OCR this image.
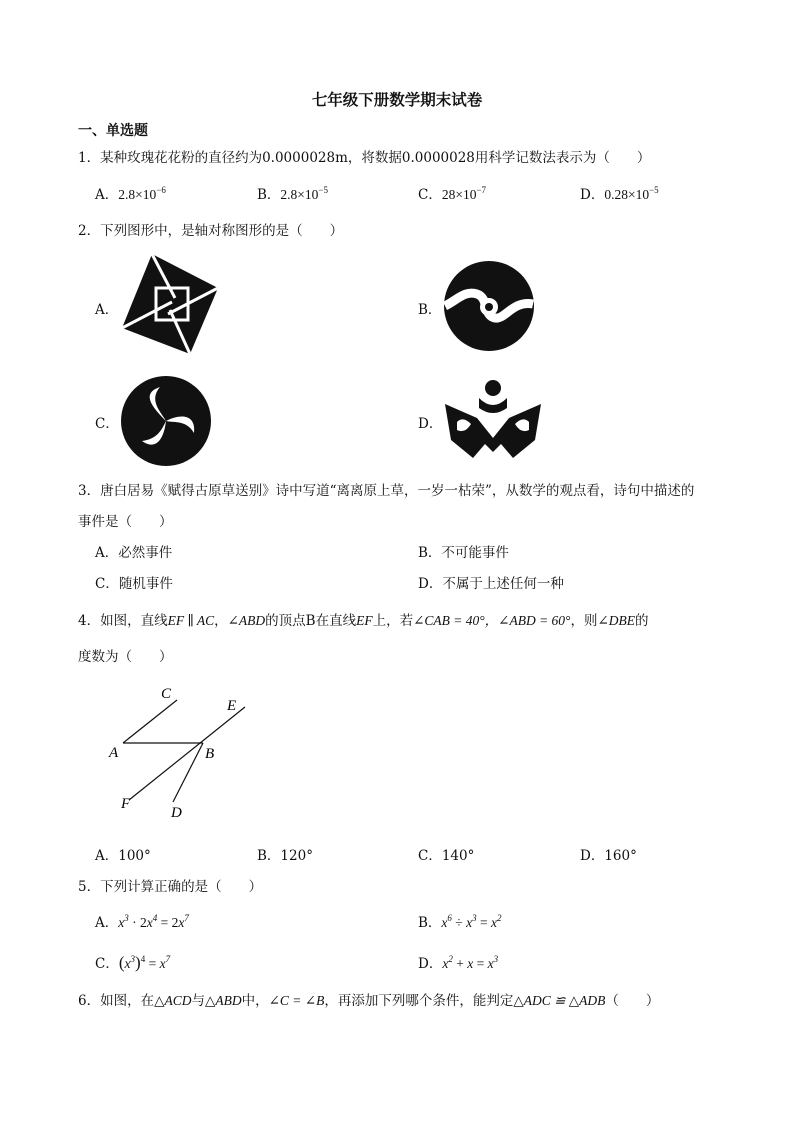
七年级下册数学期末试卷
一、单选题
1．某种玫瑰花花粉的直径约为0.0000028m，将数据0.0000028用科学记数法表示为（　　）
A．$2.8\times 10^{-6}$	B．$2.8\times 10^{-5}$	C．$28\times 10^{-7}$	D．$0.28\times 10^{-5}$
2．下列图形中，是轴对称图形的是（　　）
A．	B．
C．	D．
3．唐白居易《赋得古原草送别》诗中写道“离离原上草，一岁一枯荣”，从数学的观点看，诗句中描述的
事件是（　　）
A．必然事件	B．不可能事件
C．随机事件	D．不属于上述任何一种
4．如图，直线EF ∥ AC，∠ABD的顶点B在直线EF上，若∠CAB = 40°，∠ABD = 60°，则∠DBE的
度数为（　　）
C
E
A	B
F
D
A．100°	B．120°	C．140°	D．160°
5．下列计算正确的是（　　）
A．$x^3 \cdot 2x^4 = 2x^7$	B．$x^6 \div x^3 = x^2$
C．$(x^3)^4 = x^7$	D．$x^2 + x = x^3$
6．如图，在△ACD与△ABD中，∠C = ∠B，再添加下列哪个条件，能判定△ADC ≌ △ADB（　　）
